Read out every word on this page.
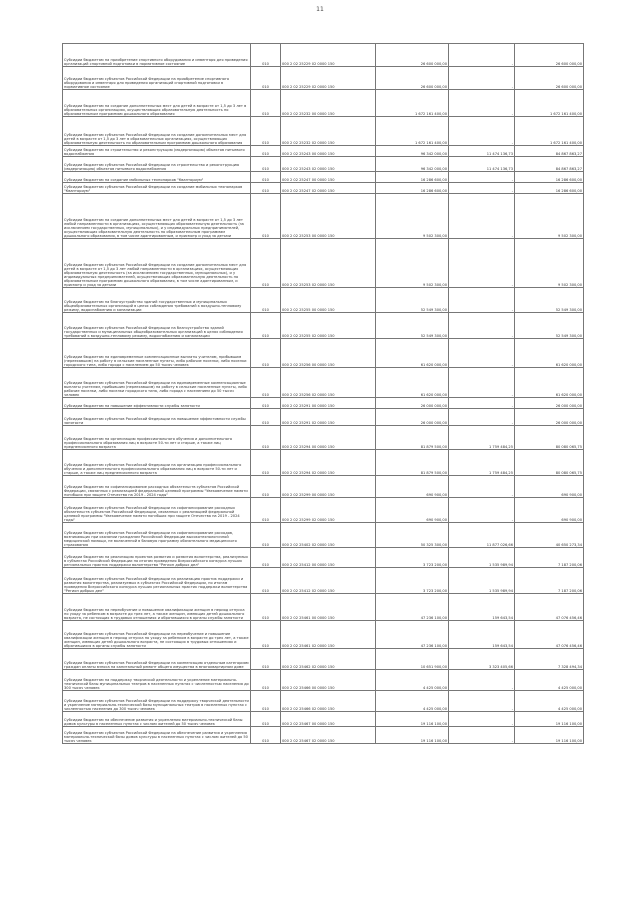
11
Субсидии бюджетам на приобретение спортивного оборудования и инвентаря для приведения организаций спортивной подготовки в нормативное состояние	010	000 2 02 25229 02 0000 150	26 600 000,00	-	26 600 000,00

Субсидии бюджетам субъектов Российской Федерации на приобретение спортивного оборудования и инвентаря для приведения организаций спортивной подготовки в нормативное состояние	010	000 2 02 25229 02 0000 150	26 600 000,00	-	26 600 000,00

Субсидии бюджетам на создание дополнительных мест для детей в возрасте от 1,5 до 3 лет в образовательных организациях, осуществляющих образовательную деятельность по образовательным программам дошкольного образования	010	000 2 02 25232 00 0000 150	1 672 161 400,00	-	1 672 161 400,00

Субсидии бюджетам субъектов Российской Федерации на создание дополнительных мест для детей в возрасте от 1,5 до 3 лет в образовательных организациях, осуществляющих образовательную деятельность по образовательным программам дошкольного образования	010	000 2 02 25232 02 0000 150	1 672 161 400,00	-	1 672 161 400,00

Субсидии бюджетам на строительство и реконструкцию (модернизацию) объектов питьевого водоснабжения	010	000 2 02 25243 00 0000 150	96 342 000,00	11 474 136,73	84 867 863,27

Субсидии бюджетам субъектов Российской Федерации на строительство и реконструкцию (модернизацию) объектов питьевого водоснабжения	010	000 2 02 25243 02 0000 150	96 342 000,00	11 474 136,73	84 867 863,27

Субсидии бюджетам на создание мобильных технопарков "Кванториум"	010	000 2 02 25247 00 0000 150	16 286 600,00	-	16 286 600,00

Субсидии бюджетам субъектов Российской Федерации на создание мобильных технопарков "Кванториум"	010	000 2 02 25247 02 0000 150	16 286 600,00	-	16 286 600,00

Субсидии бюджетам на создание дополнительных мест для детей в возрасте от 1,5 до 3 лет любой направленности в организациях, осуществляющих образовательную деятельность (за исключением государственных, муниципальных), и у индивидуальных предпринимателей, осуществляющих образовательную деятельность по образовательным программам дошкольного образования, в том числе адаптированным, и присмотр и уход за детьми	010	000 2 02 25253 00 0000 150	9 502 300,00	-	9 502 300,00

Субсидии бюджетам субъектов Российской Федерации на создание дополнительных мест для детей в возрасте от 1,5 до 3 лет любой направленности в организациях, осуществляющих образовательную деятельность (за исключением государственных, муниципальных), и у индивидуальных предпринимателей, осуществляющих образовательную деятельность по образовательным программам дошкольного образования, в том числе адаптированным, и присмотр и уход за детьми	010	000 2 02 25253 02 0000 150	9 502 300,00	-	9 502 300,00

Субсидии бюджетам на благоустройство зданий государственных и муниципальных общеобразовательных организаций в целях соблюдения требований к воздушно-тепловому режиму, водоснабжению и канализации	010	000 2 02 25255 00 0000 150	52 549 300,00	-	52 549 300,00

Субсидии бюджетам субъектов Российской Федерации на благоустройство зданий государственных и муниципальных общеобразовательных организаций в целях соблюдения требований к воздушно-тепловому режиму, водоснабжению и канализации	010	000 2 02 25255 02 0000 150	52 549 300,00	-	52 549 300,00

Субсидии бюджетам на единовременные компенсационные выплаты учителям, прибывшим (переехавшим) на работу в сельские населенные пункты, либо рабочие поселки, либо поселки городского типа, либо города с населением до 50 тысяч человек	010	000 2 02 25256 00 0000 150	61 620 000,00	-	61 620 000,00

Субсидии бюджетам субъектов Российской Федерации на единовременные компенсационные выплаты учителям, прибывшим (переехавшим) на работу в сельские населенные пункты, либо рабочие поселки, либо поселки городского типа, либо города с населением до 50 тысяч человек	010	000 2 02 25256 02 0000 150	61 620 000,00	-	61 620 000,00

Субсидии бюджетам на повышение эффективности службы занятости	010	000 2 02 25291 00 0000 150	26 000 000,00	-	26 000 000,00

Субсидии бюджетам субъектов Российской Федерации на повышение эффективности службы занятости	010	000 2 02 25291 02 0000 150	26 000 000,00	-	26 000 000,00

Субсидии бюджетам на организацию профессионального обучения и дополнительного профессионального образования лиц в возрасте 50-ти лет и старше, а также лиц предпенсионного возраста	010	000 2 02 25294 00 0000 150	81 879 500,00	1 759 484,25	80 080 065,75

Субсидии бюджетам субъектов Российской Федерации на организацию профессионального обучения и дополнительного профессионального образования лиц в возрасте 50-ти лет и старше, а также лиц предпенсионного возраста	010	000 2 02 25294 02 0000 150	81 879 500,00	1 759 484,25	80 080 065,75

Субсидии бюджетам на софинансирование расходных обязательств субъектов Российской Федерации, связанных с реализацией федеральной целевой программы "Увековечение памяти погибших при защите Отечества на 2019 - 2024 годы"	010	000 2 02 25299 00 0000 150	690 900,00	-	690 900,00

Субсидии бюджетам субъектов Российской Федерации на софинансирование расходных обязательств субъектов Российской Федерации, связанных с реализацией федеральной целевой программы "Увековечение памяти погибших при защите Отечества на 2019 - 2024 годы"	010	000 2 02 25299 02 0000 150	690 900,00	-	690 900,00

Субсидии бюджетам субъектов Российской Федерации на софинансирование расходов, возникающих при оказании гражданам Российской Федерации высокотехнологичной медицинской помощи, не включенной в базовую программу обязательного медицинского страхования	010	000 2 02 25402 02 0000 150	50 325 300,00	11 877 026,66	40 650 273,34

Субсидии бюджетам на реализацию проектов развития и развития волонтерства, реализуемых в субъектах Российской Федерации по итогам проведения Всероссийского конкурса лучших региональных практик поддержки волонтерства "Регион добрых дел"	010	000 2 02 25412 00 0000 150	3 723 200,00	1 535 989,94	7 187 200,06

Субсидии бюджетам субъектов Российской Федерации на реализацию практик поддержки и развития волонтерства, реализуемых в субъектах Российской Федерации, по итогам проведения Всероссийского конкурса лучших региональных практик поддержки волонтерства "Регион добрых дел"	010	000 2 02 25412 02 0000 150	3 723 200,00	1 535 989,94	7 187 200,06

Субсидии бюджетам на переобучение и повышение квалификации женщин в период отпуска по уходу за ребенком в возрасте до трех лет, а также женщин, имеющих детей дошкольного возраста, не состоящих в трудовых отношениях и обратившихся в органы службы занятости	010	000 2 02 25461 00 0000 150	47 236 100,00	159 643,54	47 076 456,46

Субсидии бюджетам субъектов Российской Федерации на переобучение и повышение квалификации женщин в период отпуска по уходу за ребенком в возрасте до трех лет, а также женщин, имеющих детей дошкольного возраста, не состоящих в трудовых отношениях и обратившихся в органы службы занятости	010	000 2 02 25461 02 0000 150	47 236 100,00	159 643,54	47 076 456,46

Субсидии бюджетам субъектов Российской Федерации на компенсацию отдельным категориям граждан оплаты взноса на капитальный ремонт общего имущества в многоквартирном доме	010	000 2 02 25462 02 0000 150	10 651 900,00	3 323 405,66	7 328 494,34

Субсидии бюджетам на поддержку творческой деятельности и укрепление материально-технической базы муниципальных театров в населенных пунктах с численностью населения до 300 тысяч человек	010	000 2 02 25466 00 0000 150	4 425 000,00	-	4 425 000,00

Субсидии бюджетам субъектов Российской Федерации на поддержку творческой деятельности и укрепление материально-технической базы муниципальных театров в населенных пунктах с численностью населения до 300 тысяч человек	010	000 2 02 25466 02 0000 150	4 425 000,00	-	4 425 000,00

Субсидии бюджетам на обеспечение развития и укрепления материально-технической базы домов культуры в населенных пунктах с числом жителей до 50 тысяч человек	010	000 2 02 25467 00 0000 150	19 116 100,00	-	19 116 100,00

Субсидии бюджетам субъектов Российской Федерации на обеспечение развития и укрепления материально-технической базы домов культуры в населенных пунктах с числом жителей до 50 тысяч человек	010	000 2 02 25467 02 0000 150	19 116 100,00	-	19 116 100,00
